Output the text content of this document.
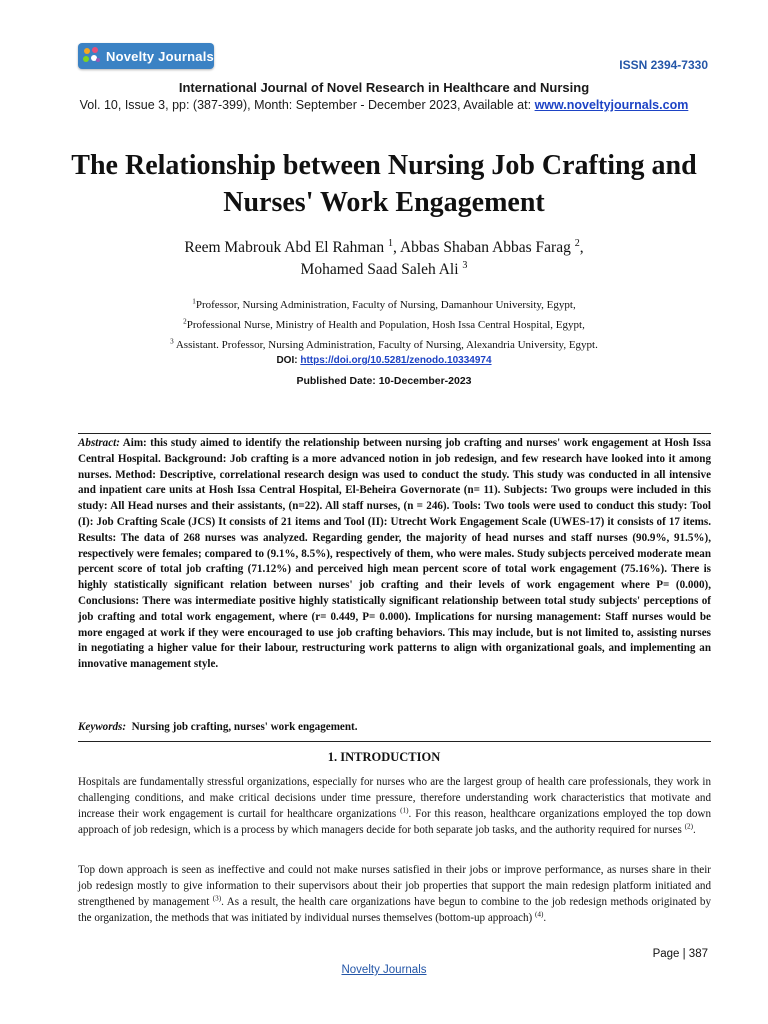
Novelty Journals
ISSN 2394-7330
International Journal of Novel Research in Healthcare and Nursing
Vol. 10, Issue 3, pp: (387-399), Month: September - December 2023, Available at: www.noveltyjournals.com
The Relationship between Nursing Job Crafting and Nurses' Work Engagement
Reem Mabrouk Abd El Rahman $^1$, Abbas Shaban Abbas Farag $^2$,
Mohamed Saad Saleh Ali $^3$
$^1$Professor, Nursing Administration, Faculty of Nursing, Damanhour University, Egypt,
$^2$Professional Nurse, Ministry of Health and Population, Hosh Issa Central Hospital, Egypt,
$^3$ Assistant. Professor, Nursing Administration, Faculty of Nursing, Alexandria University, Egypt.
DOI: https://doi.org/10.5281/zenodo.10334974
Published Date: 10-December-2023
Abstract: Aim: this study aimed to identify the relationship between nursing job crafting and nurses' work engagement at Hosh Issa Central Hospital. Background: Job crafting is a more advanced notion in job redesign, and few research have looked into it among nurses. Method: Descriptive, correlational research design was used to conduct the study. This study was conducted in all intensive and inpatient care units at Hosh Issa Central Hospital, El-Beheira Governorate (n= 11). Subjects: Two groups were included in this study: All Head nurses and their assistants, (n=22). All staff nurses, (n = 246). Tools: Two tools were used to conduct this study: Tool (I): Job Crafting Scale (JCS) It consists of 21 items and Tool (II): Utrecht Work Engagement Scale (UWES-17) it consists of 17 items. Results: The data of 268 nurses was analyzed. Regarding gender, the majority of head nurses and staff nurses (90.9%, 91.5%), respectively were females; compared to (9.1%, 8.5%), respectively of them, who were males. Study subjects perceived moderate mean percent score of total job crafting (71.12%) and perceived high mean percent score of total work engagement (75.16%). There is highly statistically significant relation between nurses' job crafting and their levels of work engagement where P= (0.000), Conclusions: There was intermediate positive highly statistically significant relationship between total study subjects' perceptions of job crafting and total work engagement, where (r= 0.449, P= 0.000). Implications for nursing management: Staff nurses would be more engaged at work if they were encouraged to use job crafting behaviors. This may include, but is not limited to, assisting nurses in negotiating a higher value for their labour, restructuring work patterns to align with organizational goals, and implementing an innovative management style.
Keywords: Nursing job crafting, nurses' work engagement.
1. INTRODUCTION
Hospitals are fundamentally stressful organizations, especially for nurses who are the largest group of health care professionals, they work in challenging conditions, and make critical decisions under time pressure, therefore understanding work characteristics that motivate and increase their work engagement is curtail for healthcare organizations $^{(1)}$. For this reason, healthcare organizations employed the top down approach of job redesign, which is a process by which managers decide for both separate job tasks, and the authority required for nurses $^{(2)}$.
Top down approach is seen as ineffective and could not make nurses satisfied in their jobs or improve performance, as nurses share in their job redesign mostly to give information to their supervisors about their job properties that support the main redesign platform initiated and strengthened by management $^{(3)}$. As a result, the health care organizations have begun to combine to the job redesign methods originated by the organization, the methods that was initiated by individual nurses themselves (bottom-up approach) $^{(4)}$.
Page | 387
Novelty Journals
